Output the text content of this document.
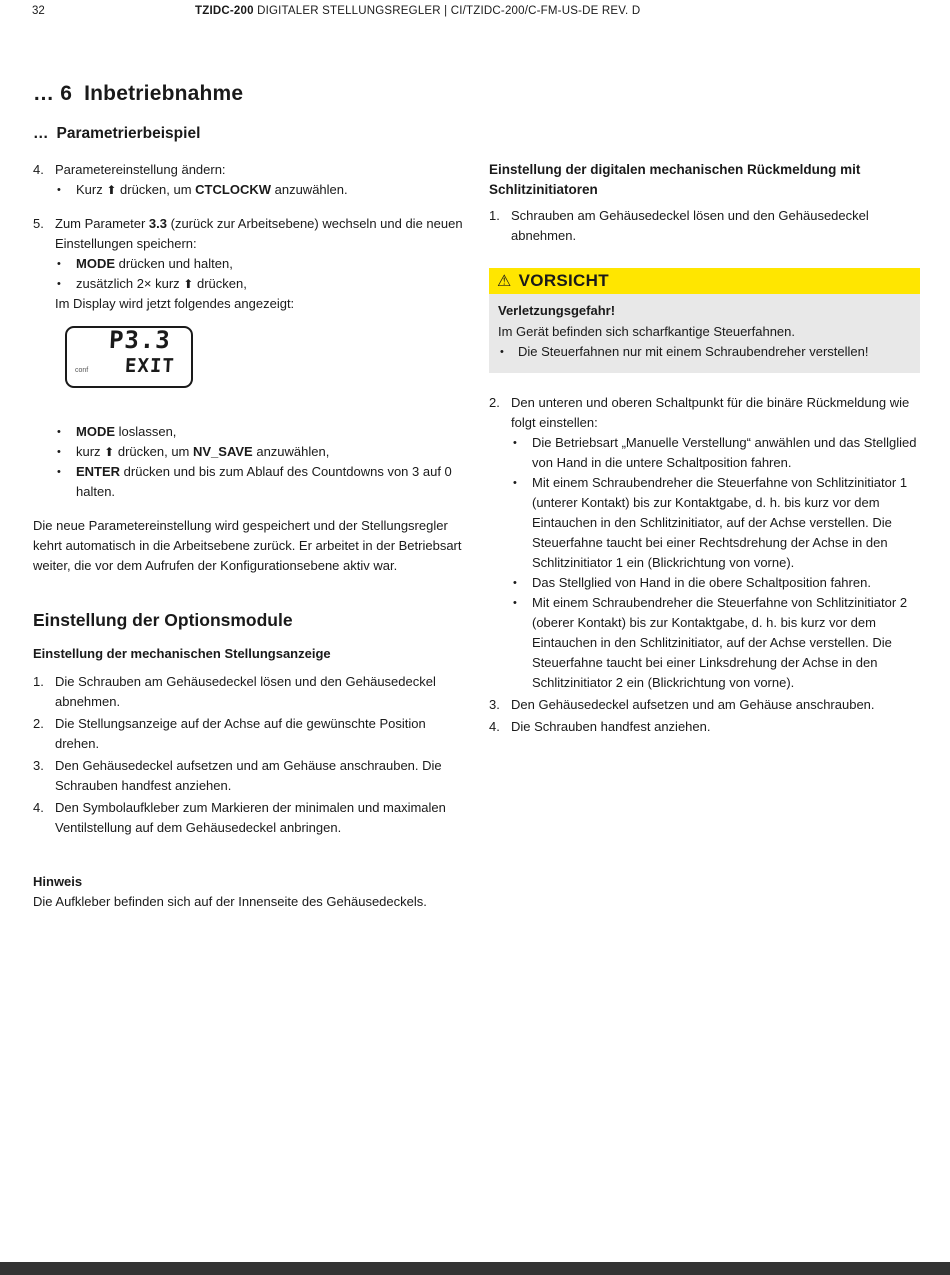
32	TZIDC-200 DIGITALER STELLUNGSREGLER | CI/TZIDC-200/C-FM-US-DE REV. D
… 6 Inbetriebnahme
… Parametrierbeispiel
4. Parametereinstellung ändern:
•	Kurz ⬆ drücken, um CTCLOCKW anzuwählen.
5. Zum Parameter 3.3 (zurück zur Arbeitsebene) wechseln und die neuen Einstellungen speichern:
•	MODE drücken und halten,
•	zusätzlich 2× kurz ⬆ drücken,
Im Display wird jetzt folgendes angezeigt:
P3.3
EXIT
conf
•	MODE loslassen,
•	kurz ⬆ drücken, um NV_SAVE anzuwählen,
•	ENTER drücken und bis zum Ablauf des Countdowns von 3 auf 0 halten.
Die neue Parametereinstellung wird gespeichert und der Stellungsregler kehrt automatisch in die Arbeitsebene zurück. Er arbeitet in der Betriebsart weiter, die vor dem Aufrufen der Konfigurationsebene aktiv war.
Einstellung der Optionsmodule
Einstellung der mechanischen Stellungsanzeige
1. Die Schrauben am Gehäusedeckel lösen und den Gehäusedeckel abnehmen.
2. Die Stellungsanzeige auf der Achse auf die gewünschte Position drehen.
3. Den Gehäusedeckel aufsetzen und am Gehäuse anschrauben. Die Schrauben handfest anziehen.
4. Den Symbolaufkleber zum Markieren der minimalen und maximalen Ventilstellung auf dem Gehäusedeckel anbringen.
Hinweis
Die Aufkleber befinden sich auf der Innenseite des Gehäusedeckels.
Einstellung der digitalen mechanischen Rückmeldung mit Schlitzinitiatoren
1. Schrauben am Gehäusedeckel lösen und den Gehäusedeckel abnehmen.
⚠ VORSICHT
Verletzungsgefahr!
Im Gerät befinden sich scharfkantige Steuerfahnen.
•	Die Steuerfahnen nur mit einem Schraubendreher verstellen!
2. Den unteren und oberen Schaltpunkt für die binäre Rückmeldung wie folgt einstellen:
•	Die Betriebsart „Manuelle Verstellung“ anwählen und das Stellglied von Hand in die untere Schaltposition fahren.
•	Mit einem Schraubendreher die Steuerfahne von Schlitzinitiator 1 (unterer Kontakt) bis zur Kontaktgabe, d. h. bis kurz vor dem Eintauchen in den Schlitzinitiator, auf der Achse verstellen. Die Steuerfahne taucht bei einer Rechtsdrehung der Achse in den Schlitzinitiator 1 ein (Blickrichtung von vorne).
•	Das Stellglied von Hand in die obere Schaltposition fahren.
•	Mit einem Schraubendreher die Steuerfahne von Schlitzinitiator 2 (oberer Kontakt) bis zur Kontaktgabe, d. h. bis kurz vor dem Eintauchen in den Schlitzinitiator, auf der Achse verstellen. Die Steuerfahne taucht bei einer Linksdrehung der Achse in den Schlitzinitiator 2 ein (Blickrichtung von vorne).
3. Den Gehäusedeckel aufsetzen und am Gehäuse anschrauben.
4. Die Schrauben handfest anziehen.
